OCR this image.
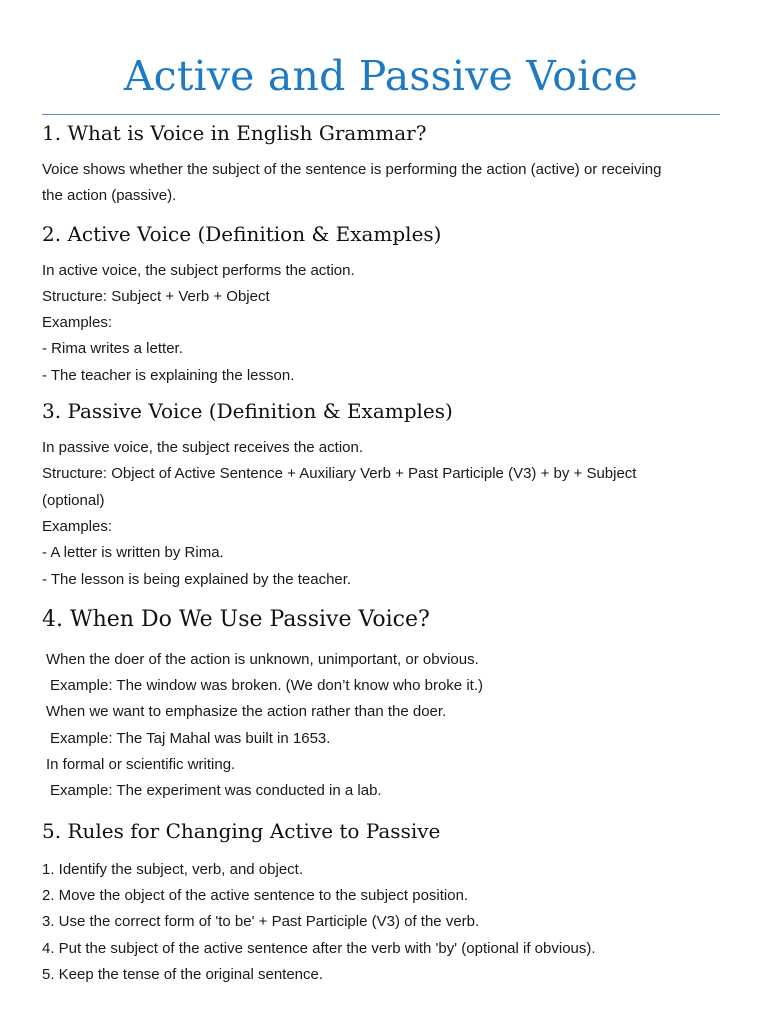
Active and Passive Voice
1. What is Voice in English Grammar?
Voice shows whether the subject of the sentence is performing the action (active) or receiving
the action (passive).
2. Active Voice (Definition & Examples)
In active voice, the subject performs the action.
Structure: Subject + Verb + Object
Examples:
- Rima writes a letter.
- The teacher is explaining the lesson.
3. Passive Voice (Definition & Examples)
In passive voice, the subject receives the action.
Structure: Object of Active Sentence + Auxiliary Verb + Past Participle (V3) + by + Subject
(optional)
Examples:
- A letter is written by Rima.
- The lesson is being explained by the teacher.
4. When Do We Use Passive Voice?
When the doer of the action is unknown, unimportant, or obvious.
Example: The window was broken. (We don’t know who broke it.)
When we want to emphasize the action rather than the doer.
Example: The Taj Mahal was built in 1653.
In formal or scientific writing.
Example: The experiment was conducted in a lab.
5. Rules for Changing Active to Passive
1. Identify the subject, verb, and object.
2. Move the object of the active sentence to the subject position.
3. Use the correct form of 'to be' + Past Participle (V3) of the verb.
4. Put the subject of the active sentence after the verb with 'by' (optional if obvious).
5. Keep the tense of the original sentence.
